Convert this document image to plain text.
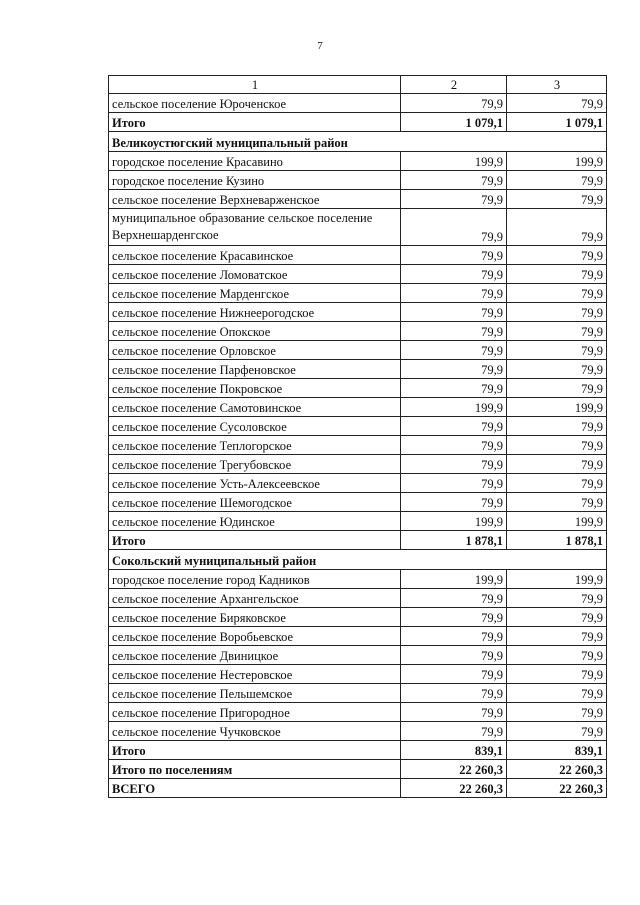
7
1	2	3
сельское поселение Юроченское	79,9	79,9
Итого	1 079,1	1 079,1
Великоустюгский муниципальный район		
городское поселение Красавино	199,9	199,9
городское поселение Кузино	79,9	79,9
сельское поселение Верхневарженское	79,9	79,9
муниципальное образование сельское поселение Верхнешарденгское	79,9	79,9
сельское поселение Красавинское	79,9	79,9
сельское поселение Ломоватское	79,9	79,9
сельское поселение Марденгское	79,9	79,9
сельское поселение Нижнеерогодское	79,9	79,9
сельское поселение Опокское	79,9	79,9
сельское поселение Орловское	79,9	79,9
сельское поселение Парфеновское	79,9	79,9
сельское поселение Покровское	79,9	79,9
сельское поселение Самотовинское	199,9	199,9
сельское поселение Сусоловское	79,9	79,9
сельское поселение Теплогорское	79,9	79,9
сельское поселение Трегубовское	79,9	79,9
сельское поселение Усть-Алексеевское	79,9	79,9
сельское поселение Шемогодское	79,9	79,9
сельское поселение Юдинское	199,9	199,9
Итого	1 878,1	1 878,1
Сокольский муниципальный район		
городское поселение город Кадников	199,9	199,9
сельское поселение Архангельское	79,9	79,9
сельское поселение Биряковское	79,9	79,9
сельское поселение Воробьевское	79,9	79,9
сельское поселение Двиницкое	79,9	79,9
сельское поселение Нестеровское	79,9	79,9
сельское поселение Пельшемское	79,9	79,9
сельское поселение Пригородное	79,9	79,9
сельское поселение Чучковское	79,9	79,9
Итого	839,1	839,1
Итого по поселениям	22 260,3	22 260,3
ВСЕГО	22 260,3	22 260,3
